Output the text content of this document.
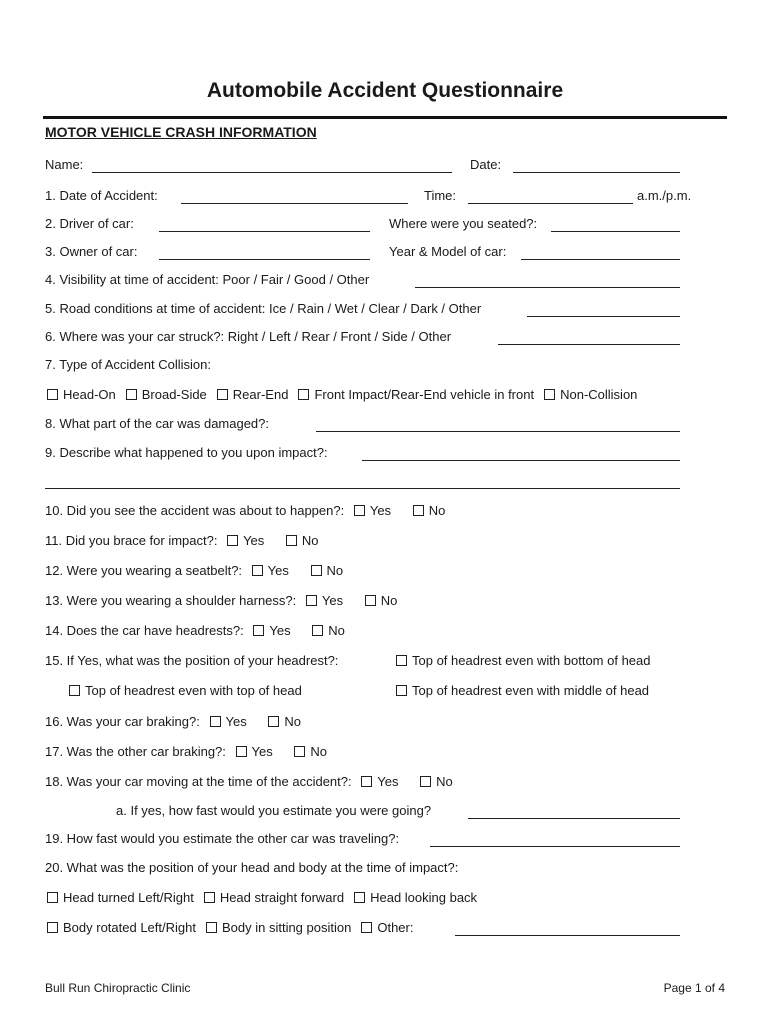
Automobile Accident Questionnaire
MOTOR VEHICLE CRASH INFORMATION
Name:	Date:
1. Date of Accident:	Time:	a.m./p.m.
2. Driver of car:	Where were you seated?:
3. Owner of car:	Year & Model of car:
4. Visibility at time of accident: Poor / Fair / Good / Other
5. Road conditions at time of accident: Ice / Rain / Wet / Clear / Dark / Other
6. Where was your car struck?: Right / Left / Rear / Front / Side / Other
7. Type of Accident Collision:
Head-On Broad-Side Rear-End Front Impact/Rear-End vehicle in front Non-Collision
8. What part of the car was damaged?:
9. Describe what happened to you upon impact?:
10. Did you see the accident was about to happen?: Yes	No
11. Did you brace for impact?: Yes	No
12. Were you wearing a seatbelt?: Yes	No
13. Were you wearing a shoulder harness?: Yes	No
14. Does the car have headrests?: Yes	No
15. If Yes, what was the position of your headrest?:	Top of headrest even with bottom of head
Top of headrest even with top of head	Top of headrest even with middle of head
16. Was your car braking?: Yes	No
17. Was the other car braking?: Yes	No
18. Was your car moving at the time of the accident?: Yes	No
a. If yes, how fast would you estimate you were going?
19. How fast would you estimate the other car was traveling?:
20. What was the position of your head and body at the time of impact?:
Head turned Left/Right Head straight forward Head looking back
Body rotated Left/Right Body in sitting position Other:
Bull Run Chiropractic Clinic	Page 1 of 4
